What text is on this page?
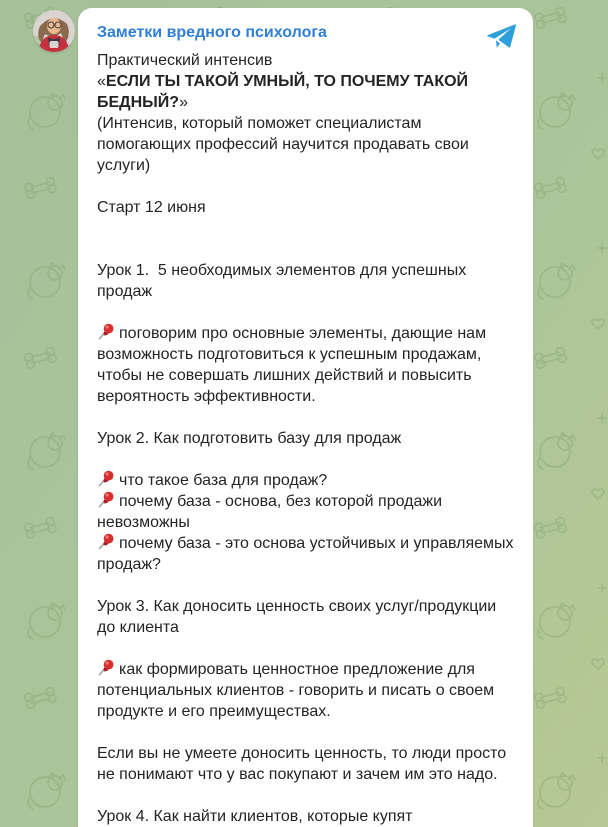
Заметки вредного психолога

Практический интенсив

«ЕСЛИ ТЫ ТАКОЙ УМНЫЙ, ТО ПОЧЕМУ ТАКОЙ БЕДНЫЙ?»

(Интенсив, который поможет специалистам помогающих профессий научится продавать свои услуги)

Старт 12 июня

Урок 1.  5 необходимых элементов для успешных продаж

поговорим про основные элементы, дающие нам возможность подготовиться к успешным продажам, чтобы не совершать лишних действий и повысить вероятность эффективности.

Урок 2. Как подготовить базу для продаж

что такое база для продаж?

почему база - основа, без которой продажи невозможны

почему база - это основа устойчивых и управляемых продаж?

Урок 3. Как доносить ценность своих услуг/продукции до клиента

как формировать ценностное предложение для потенциальных клиентов - говорить и писать о своем продукте и его преимуществах.

Если вы не умеете доносить ценность, то люди просто не понимают что у вас покупают и зачем им это надо.

Урок 4. Как найти клиентов, которые купят
